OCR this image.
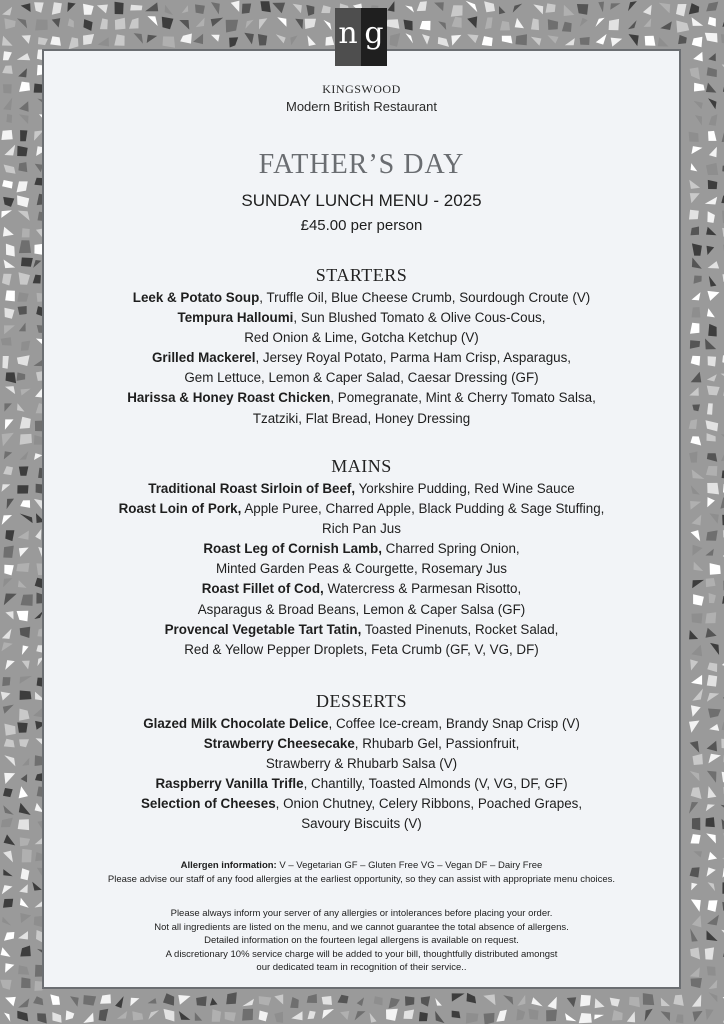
n g
KINGSWOOD
Modern British Restaurant
FATHER’S DAY
SUNDAY LUNCH MENU - 2025
£45.00 per person
STARTERS
Leek & Potato Soup, Truffle Oil, Blue Cheese Crumb, Sourdough Croute (V)
Tempura Halloumi, Sun Blushed Tomato & Olive Cous-Cous,
Red Onion & Lime, Gotcha Ketchup (V)
Grilled Mackerel, Jersey Royal Potato, Parma Ham Crisp, Asparagus,
Gem Lettuce, Lemon & Caper Salad, Caesar Dressing (GF)
Harissa & Honey Roast Chicken, Pomegranate, Mint & Cherry Tomato Salsa,
Tzatziki, Flat Bread, Honey Dressing
MAINS
Traditional Roast Sirloin of Beef, Yorkshire Pudding, Red Wine Sauce
Roast Loin of Pork, Apple Puree, Charred Apple, Black Pudding & Sage Stuffing,
Rich Pan Jus
Roast Leg of Cornish Lamb, Charred Spring Onion,
Minted Garden Peas & Courgette, Rosemary Jus
Roast Fillet of Cod, Watercress & Parmesan Risotto,
Asparagus & Broad Beans, Lemon & Caper Salsa (GF)
Provencal Vegetable Tart Tatin, Toasted Pinenuts, Rocket Salad,
Red & Yellow Pepper Droplets, Feta Crumb (GF, V, VG, DF)
DESSERTS
Glazed Milk Chocolate Delice, Coffee Ice-cream, Brandy Snap Crisp (V)
Strawberry Cheesecake, Rhubarb Gel, Passionfruit,
Strawberry & Rhubarb Salsa (V)
Raspberry Vanilla Trifle, Chantilly, Toasted Almonds (V, VG, DF, GF)
Selection of Cheeses, Onion Chutney, Celery Ribbons, Poached Grapes,
Savoury Biscuits (V)
Allergen information: V – Vegetarian GF – Gluten Free VG – Vegan DF – Dairy Free
Please advise our staff of any food allergies at the earliest opportunity, so they can assist with appropriate menu choices.
Please always inform your server of any allergies or intolerances before placing your order.
Not all ingredients are listed on the menu, and we cannot guarantee the total absence of allergens.
Detailed information on the fourteen legal allergens is available on request.
A discretionary 10% service charge will be added to your bill, thoughtfully distributed amongst
our dedicated team in recognition of their service..
